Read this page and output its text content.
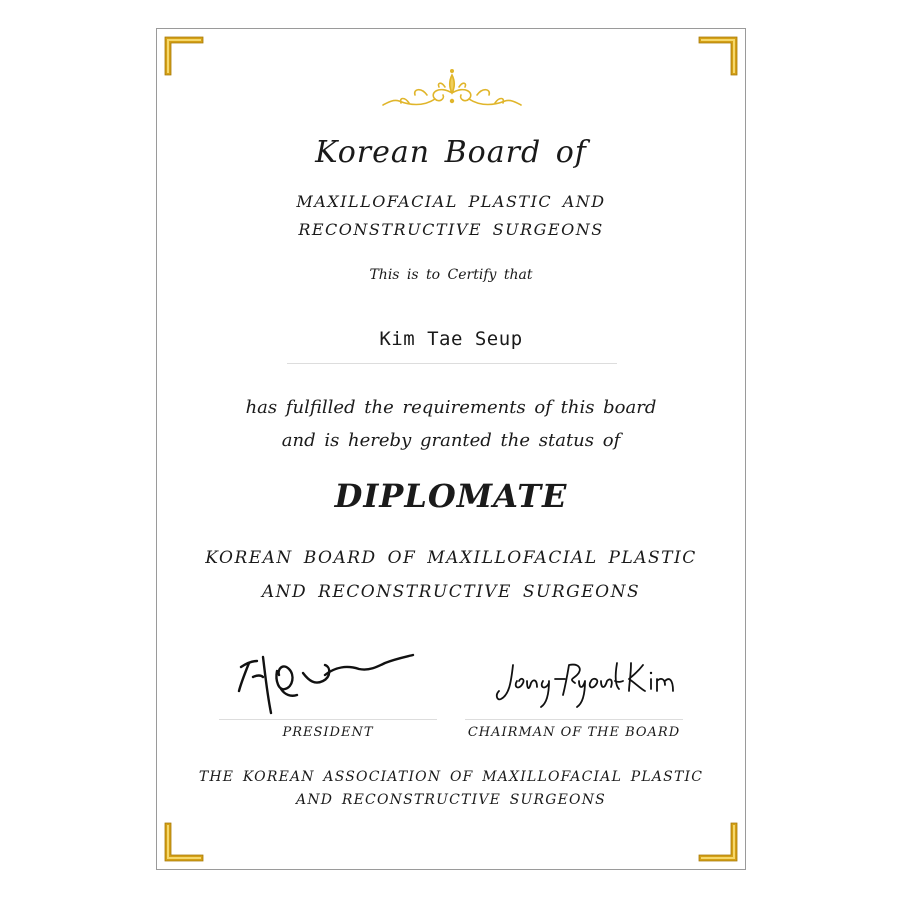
Korean Board of
MAXILLOFACIAL PLASTIC AND
RECONSTRUCTIVE SURGEONS
This is to Certify that
Kim Tae Seup
has fulfilled the requirements of this board
and is hereby granted the status of
DIPLOMATE
KOREAN BOARD OF MAXILLOFACIAL PLASTIC
AND RECONSTRUCTIVE SURGEONS
PRESIDENT	CHAIRMAN OF THE BOARD
THE KOREAN ASSOCIATION OF MAXILLOFACIAL PLASTIC
AND RECONSTRUCTIVE SURGEONS
